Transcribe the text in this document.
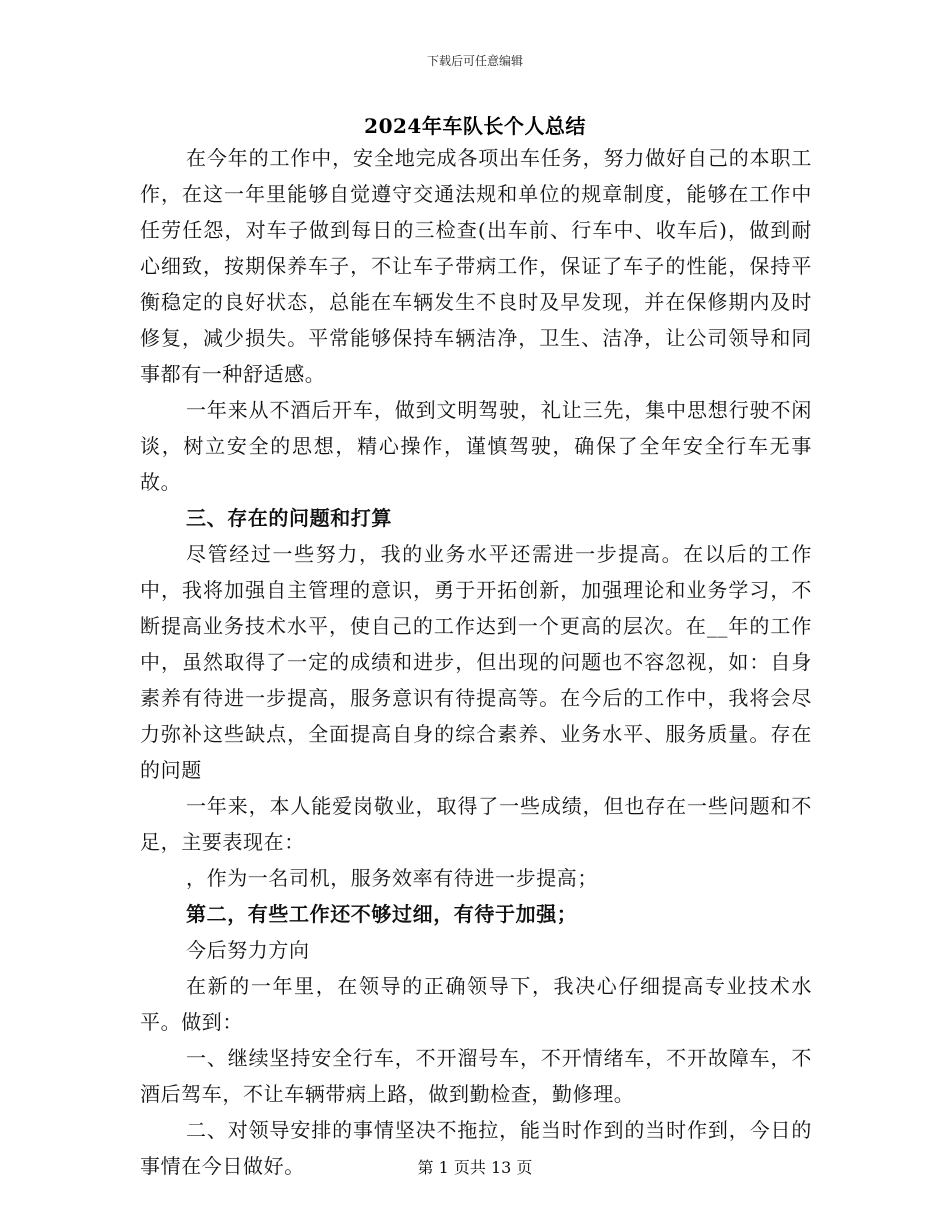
下载后可任意编辑
2024年车队长个人总结

在今年的工作中，安全地完成各项出车任务，努力做好自己的本职工作，在这一年里能够自觉遵守交通法规和单位的规章制度，能够在工作中任劳任怨，对车子做到每日的三检查(出车前、行车中、收车后)，做到耐心细致，按期保养车子，不让车子带病工作，保证了车子的性能，保持平衡稳定的良好状态，总能在车辆发生不良时及早发现，并在保修期内及时修复，减少损失。平常能够保持车辆洁净，卫生、洁净，让公司领导和同事都有一种舒适感。

一年来从不酒后开车，做到文明驾驶，礼让三先，集中思想行驶不闲谈，树立安全的思想，精心操作，谨慎驾驶，确保了全年安全行车无事故。

三、存在的问题和打算

尽管经过一些努力，我的业务水平还需进一步提高。在以后的工作中，我将加强自主管理的意识，勇于开拓创新，加强理论和业务学习，不断提高业务技术水平，使自己的工作达到一个更高的层次。在__年的工作中，虽然取得了一定的成绩和进步，但出现的问题也不容忽视，如：自身素养有待进一步提高，服务意识有待提高等。在今后的工作中，我将会尽力弥补这些缺点，全面提高自身的综合素养、业务水平、服务质量。存在的问题

一年来，本人能爱岗敬业，取得了一些成绩，但也存在一些问题和不足，主要表现在：

，作为一名司机，服务效率有待进一步提高；

第二，有些工作还不够过细，有待于加强；

今后努力方向

在新的一年里，在领导的正确领导下，我决心仔细提高专业技术水平。做到：

一、继续坚持安全行车，不开溜号车，不开情绪车，不开故障车，不酒后驾车，不让车辆带病上路，做到勤检查，勤修理。

二、对领导安排的事情坚决不拖拉，能当时作到的当时作到，今日的事情在今日做好。	第 1 页共 13 页
